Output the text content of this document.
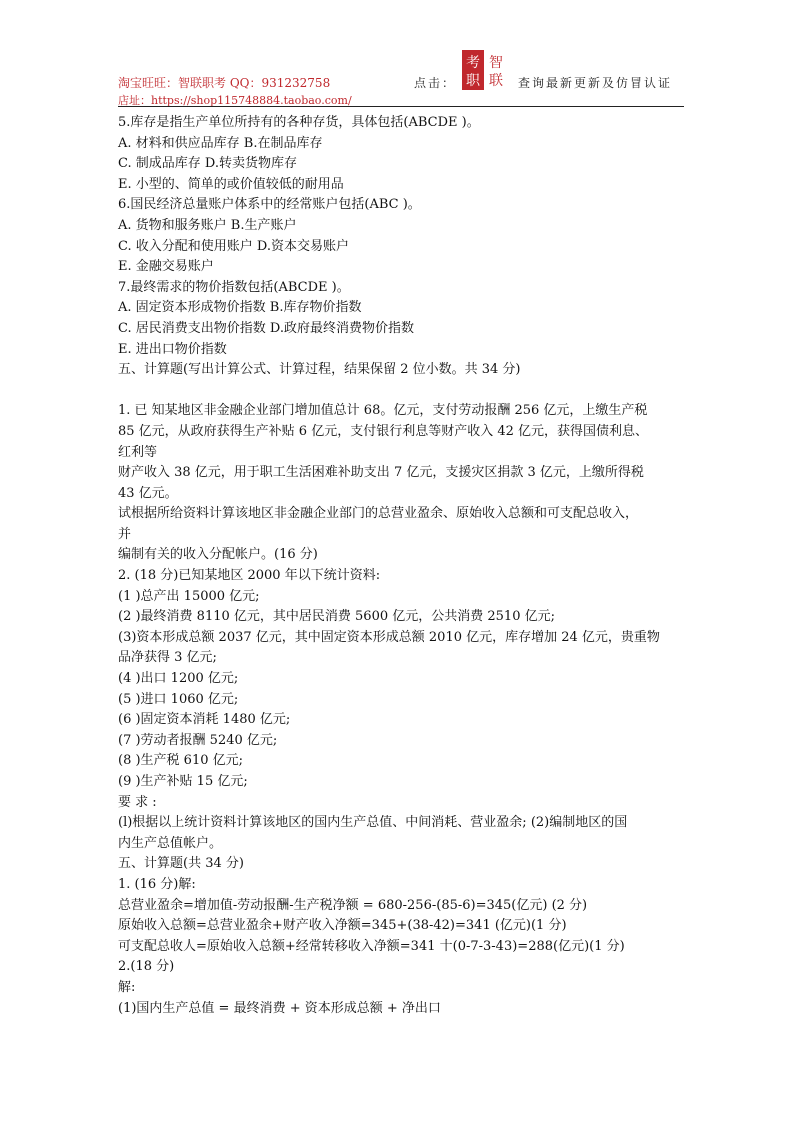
淘宝旺旺：智联职考 QQ：931232758
店址：https://shop115748884.taobao.com/
点击：
考 智
职 联 查询最新更新及仿冒认证
5.库存是指生产单位所持有的各种存货，具体包括(ABCDE )。
A. 材料和供应品库存 B.在制品库存
C. 制成品库存 D.转卖货物库存
E. 小型的、简单的或价值较低的耐用品
6.国民经济总量账户体系中的经常账户包括(ABC )。
A. 货物和服务账户 B.生产账户
C. 收入分配和使用账户 D.资本交易账户
E. 金融交易账户
7.最终需求的物价指数包括(ABCDE )。
A. 固定资本形成物价指数 B.库存物价指数
C. 居民消费支出物价指数 D.政府最终消费物价指数
E. 进出口物价指数
五、计算题(写出计算公式、计算过程，结果保留 2 位小数。共 34 分)
1. 已 知某地区非金融企业部门增加值总计 68。亿元，支付劳动报酬 256 亿元，上缴生产税
85 亿元，从政府获得生产补贴 6 亿元，支付银行利息等财产收入 42 亿元，获得国债利息、
红利等
财产收入 38 亿元，用于职工生活困难补助支出 7 亿元，支援灾区捐款 3 亿元，上缴所得税
43 亿元。
试根据所给资料计算该地区非金融企业部门的总营业盈余、原始收入总额和可支配总收入，
并
编制有关的收入分配帐户。(16 分)
2. (18 分)已知某地区 2000 年以下统计资料:
(1 )总产出 15000 亿元;
(2 )最终消费 8110 亿元，其中居民消费 5600 亿元，公共消费 2510 亿元;
(3)资本形成总额 2037 亿元，其中固定资本形成总额 2010 亿元，库存增加 24 亿元，贵重物
品净获得 3 亿元;
(4 )出口 1200 亿元;
(5 )进口 1060 亿元;
(6 )固定资本消耗 1480 亿元;
(7 )劳动者报酬 5240 亿元;
(8 )生产税 610 亿元;
(9 )生产补贴 15 亿元;
要 求 :
(l)根据以上统计资料计算该地区的国内生产总值、中间消耗、营业盈余; (2)编制地区的国
内生产总值帐户。
五、计算题(共 34 分)
1. (16 分)解:
总营业盈余=增加值-劳动报酬-生产税净额 = 680-256-(85-6)=345(亿元) (2 分)
原始收入总额=总营业盈余+财产收入净额=345+(38-42)=341 (亿元)(1 分)
可支配总收人=原始收入总额+经常转移收入净额=341 十(0-7-3-43)=288(亿元)(1 分)
2.(18 分)
解:
(1)国内生产总值 = 最终消费 + 资本形成总额 + 净出口
